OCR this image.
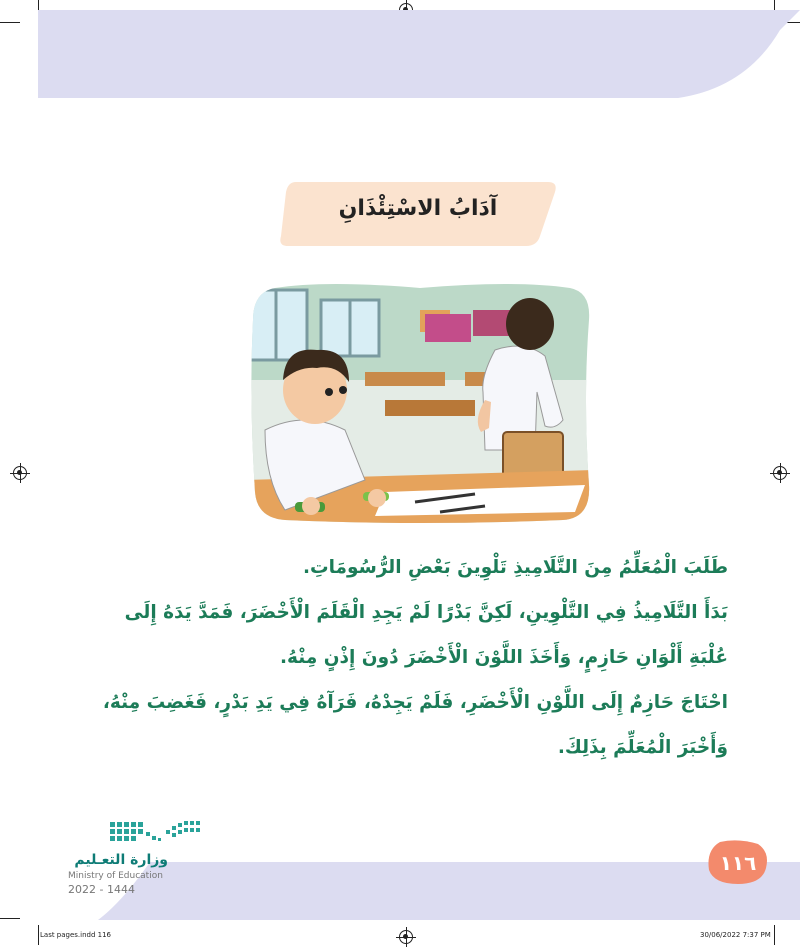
آدَابُ الاسْتِئْذَانِ
طَلَبَ الْمُعَلِّمُ مِنَ التَّلَامِيذِ تَلْوِينَ بَعْضِ الرُّسُومَاتِ.
بَدَأَ التَّلَامِيذُ فِي التَّلْوِينِ، لَكِنَّ بَدْرًا لَمْ يَجِدِ الْقَلَمَ الْأَخْضَرَ، فَمَدَّ يَدَهُ إِلَى
عُلْبَةِ أَلْوَانِ حَازِمٍ، وَأَخَذَ اللَّوْنَ الْأَخْضَرَ دُونَ إِذْنٍ مِنْهُ.
احْتَاجَ حَازِمٌ إِلَى اللَّوْنِ الْأَخْضَرِ، فَلَمْ يَجِدْهُ، فَرَآهُ فِي يَدِ بَدْرٍ، فَغَضِبَ مِنْهُ،
وَأَخْبَرَ الْمُعَلِّمَ بِذَلِكَ.
وزارة التعـليم
Ministry of Education
2022 - 1444
١١٦
Last pages.indd 116	30/06/2022 7:37 PM
